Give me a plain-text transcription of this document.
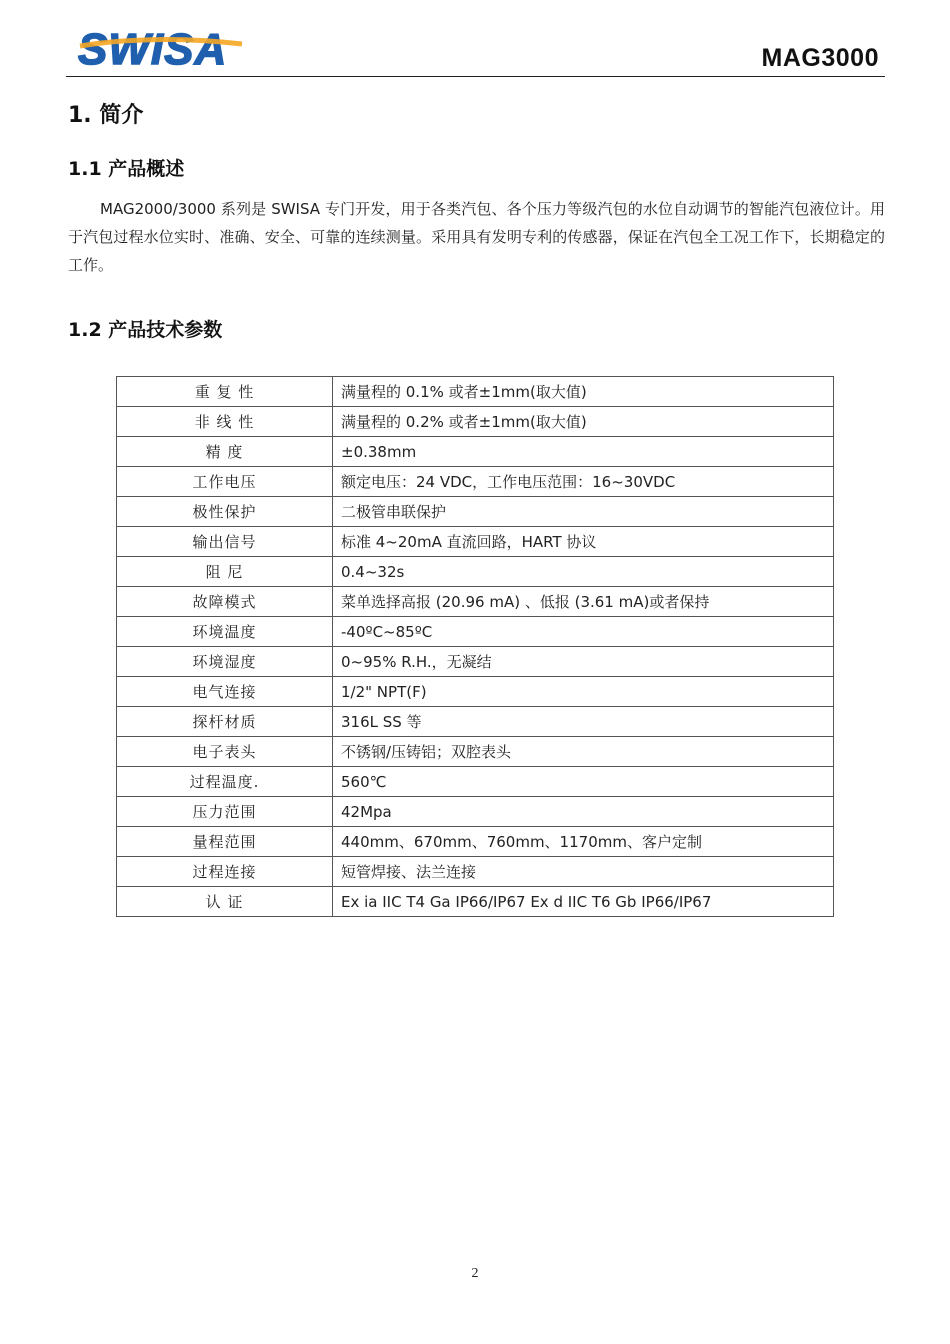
SWISA	MAG3000
1. 简介
1.1 产品概述

MAG2000/3000 系列是 SWISA 专门开发，用于各类汽包、各个压力等级汽包的水位自动调节的智能汽包液位计。用于汽包过程水位实时、准确、安全、可靠的连续测量。采用具有发明专利的传感器，保证在汽包全工况工作下，长期稳定的工作。

1.2 产品技术参数
重 复 性	满量程的 0.1% 或者±1mm(取大值)
非 线 性	满量程的 0.2% 或者±1mm(取大值)
精 度	±0.38mm
工作电压	额定电压：24 VDC，工作电压范围：16~30VDC
极性保护	二极管串联保护
输出信号	标准 4~20mA 直流回路，HART 协议
阻 尼	0.4~32s
故障模式	菜单选择高报 (20.96 mA) 、低报 (3.61 mA)或者保持
环境温度	-40ºC~85ºC
环境湿度	0~95% R.H.，无凝结
电气连接	1/2" NPT(F)
探杆材质	316L SS 等
电子表头	不锈钢/压铸铝；双腔表头
过程温度.	560℃
压力范围	42Mpa
量程范围	440mm、670mm、760mm、1170mm、客户定制
过程连接	短管焊接、法兰连接
认 证	Ex ia IIC T4 Ga IP66/IP67 Ex d IIC T6 Gb IP66/IP67
2
